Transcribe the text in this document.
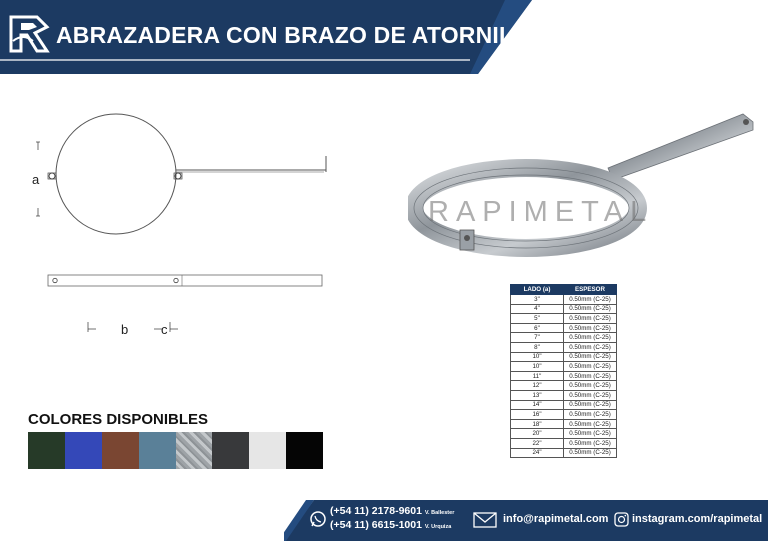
ABRAZADERA CON BRAZO DE ATORNILLAR
a
b	c
RAPIMETAL
LADO (a)	ESPESOR
3"	0.50mm (C-25)
4"	0.50mm (C-25)
5"	0.50mm (C-25)
6"	0.50mm (C-25)
7"	0.50mm (C-25)
8"	0.50mm (C-25)
10"	0.50mm (C-25)
10"	0.50mm (C-25)
11"	0.50mm (C-25)
12"	0.50mm (C-25)
13"	0.50mm (C-25)
14"	0.50mm (C-25)
16"	0.50mm (C-25)
18"	0.50mm (C-25)
20"	0.50mm (C-25)
22"	0.50mm (C-25)
24"	0.50mm (C-25)
COLORES DISPONIBLES
(+54 11) 2178-9601 V. Ballester
(+54 11) 6615-1001 V. Urquiza
info@rapimetal.com instagram.com/rapimetal
